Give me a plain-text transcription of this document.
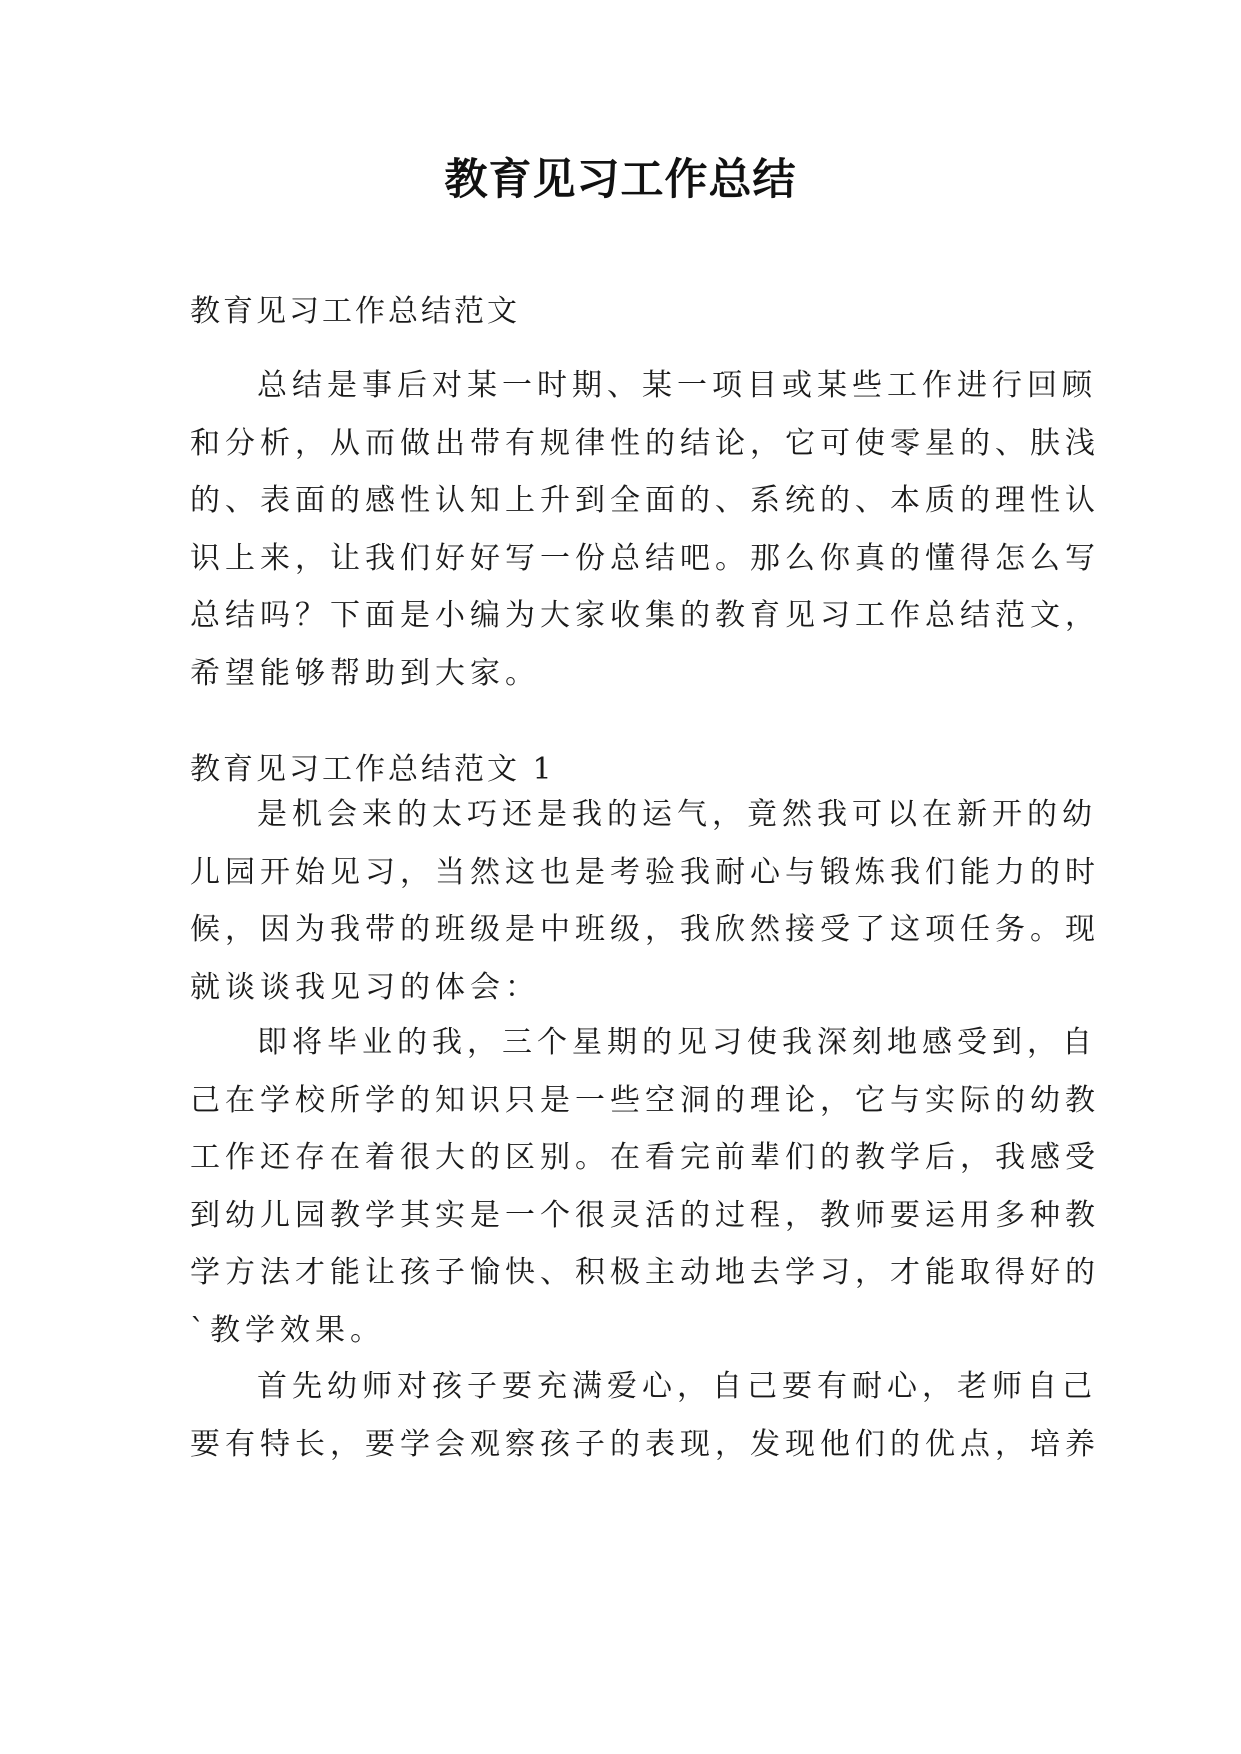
教育见习工作总结
教育见习工作总结范文
总结是事后对某一时期、某一项目或某些工作进行回顾
和分析，从而做出带有规律性的结论，它可使零星的、肤浅
的、表面的感性认知上升到全面的、系统的、本质的理性认
识上来，让我们好好写一份总结吧。那么你真的懂得怎么写
总结吗？下面是小编为大家收集的教育见习工作总结范文，
希望能够帮助到大家。
教育见习工作总结范文 1
是机会来的太巧还是我的运气，竟然我可以在新开的幼
儿园开始见习，当然这也是考验我耐心与锻炼我们能力的时
候，因为我带的班级是中班级，我欣然接受了这项任务。现
就谈谈我见习的体会：
即将毕业的我，三个星期的见习使我深刻地感受到，自
己在学校所学的知识只是一些空洞的理论，它与实际的幼教
工作还存在着很大的区别。在看完前辈们的教学后，我感受
到幼儿园教学其实是一个很灵活的过程，教师要运用多种教
学方法才能让孩子愉快、积极主动地去学习，才能取得好的
`教学效果。
首先幼师对孩子要充满爱心，自己要有耐心，老师自己
要有特长，要学会观察孩子的表现，发现他们的优点，培养
